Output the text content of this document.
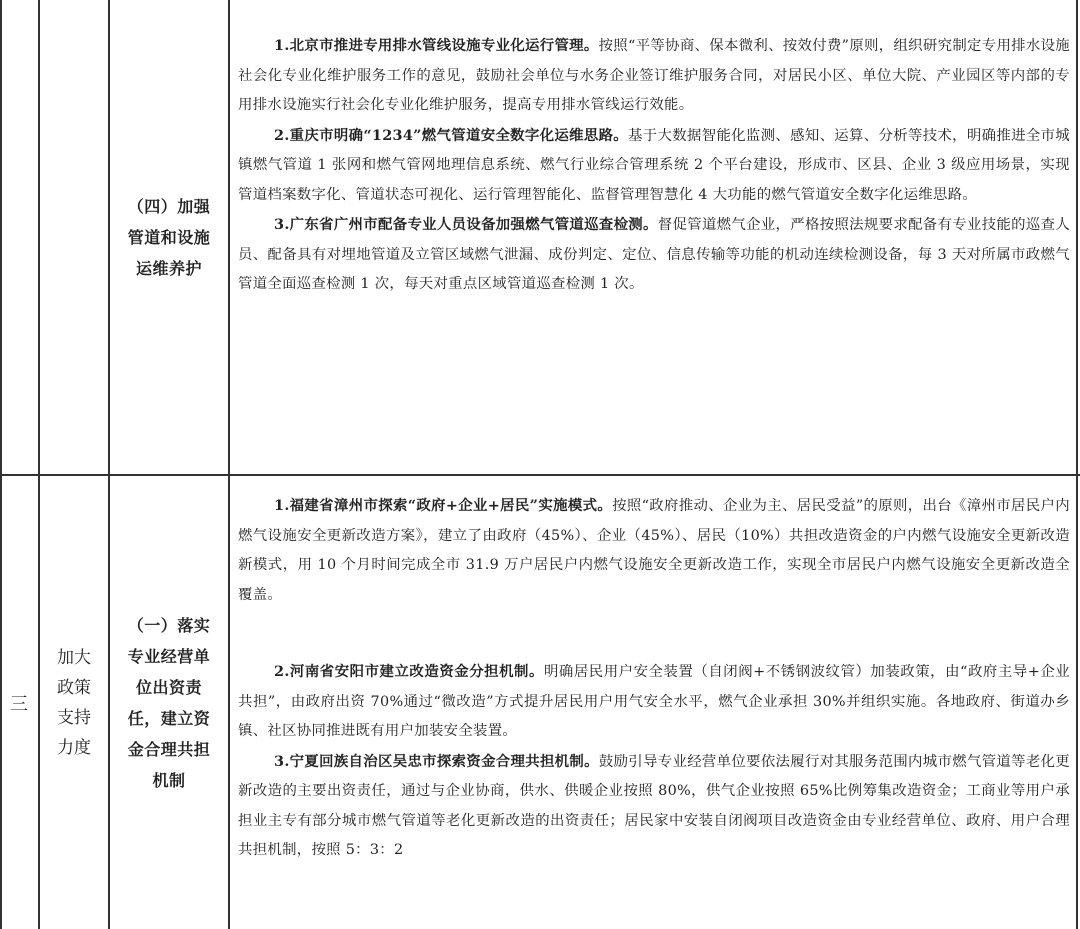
（四）加强管道和设施运维养护

1.北京市推进专用排水管线设施专业化运行管理。按照“平等协商、保本微利、按效付费”原则，组织研究制定专用排水设施社会化专业化维护服务工作的意见，鼓励社会单位与水务企业签订维护服务合同，对居民小区、单位大院、产业园区等内部的专用排水设施实行社会化专业化维护服务，提高专用排水管线运行效能。

2.重庆市明确“1234”燃气管道安全数字化运维思路。基于大数据智能化监测、感知、运算、分析等技术，明确推进全市城镇燃气管道 1 张网和燃气管网地理信息系统、燃气行业综合管理系统 2 个平台建设，形成市、区县、企业 3 级应用场景，实现管道档案数字化、管道状态可视化、运行管理智能化、监督管理智慧化 4 大功能的燃气管道安全数字化运维思路。

3.广东省广州市配备专业人员设备加强燃气管道巡查检测。督促管道燃气企业，严格按照法规要求配备有专业技能的巡查人员、配备具有对埋地管道及立管区域燃气泄漏、成份判定、定位、信息传输等功能的机动连续检测设备，每 3 天对所属市政燃气管道全面巡查检测 1 次，每天对重点区域管道巡查检测 1 次。

三
加大政策支持力度
（一）落实专业经营单位出资责任，建立资金合理共担机制

1.福建省漳州市探索“政府+企业+居民”实施模式。按照“政府推动、企业为主、居民受益”的原则，出台《漳州市居民户内燃气设施安全更新改造方案》，建立了由政府（45%）、企业（45%）、居民（10%）共担改造资金的户内燃气设施安全更新改造新模式，用 10 个月时间完成全市 31.9 万户居民户内燃气设施安全更新改造工作，实现全市居民户内燃气设施安全更新改造全覆盖。

2.河南省安阳市建立改造资金分担机制。明确居民用户安全装置（自闭阀+不锈钢波纹管）加装政策，由“政府主导+企业共担”，由政府出资 70%通过“微改造”方式提升居民用户用气安全水平，燃气企业承担 30%并组织实施。各地政府、街道办乡镇、社区协同推进既有用户加装安全装置。

3.宁夏回族自治区吴忠市探索资金合理共担机制。鼓励引导专业经营单位要依法履行对其服务范围内城市燃气管道等老化更新改造的主要出资责任，通过与企业协商，供水、供暖企业按照 80%，供气企业按照 65%比例筹集改造资金；工商业等用户承担业主专有部分城市燃气管道等老化更新改造的出资责任；居民家中安装自闭阀项目改造资金由专业经营单位、政府、用户合理共担机制，按照 5：3：2
